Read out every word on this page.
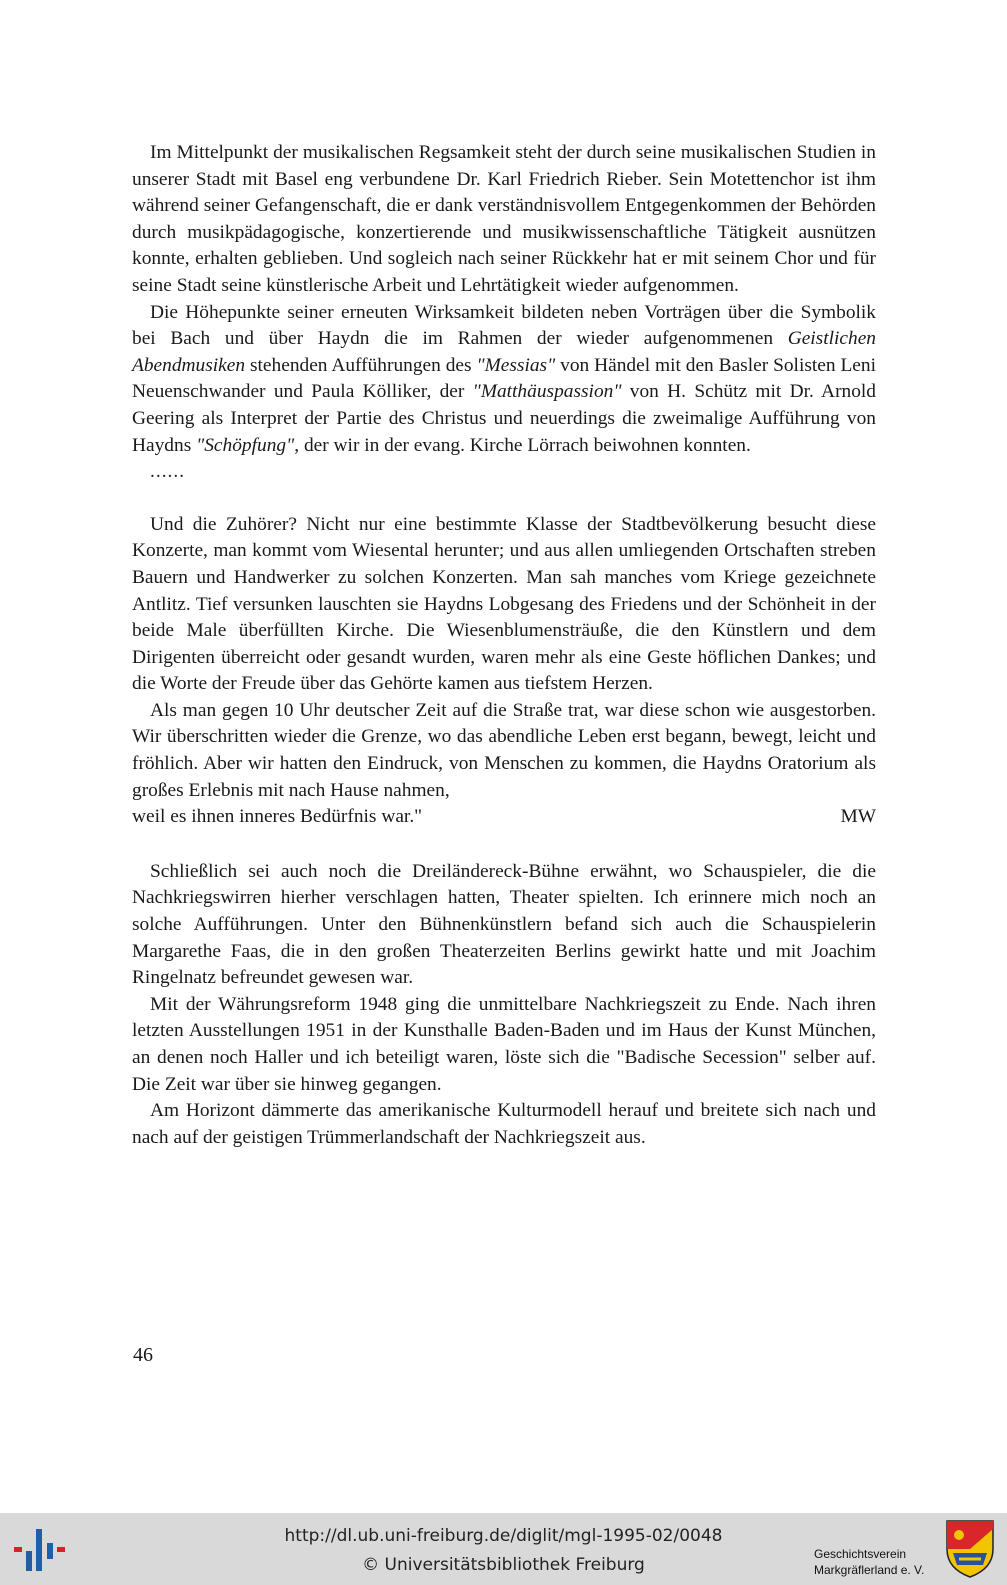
Im Mittelpunkt der musikalischen Regsamkeit steht der durch seine musikalischen Studien in unserer Stadt mit Basel eng verbundene Dr. Karl Friedrich Rieber. Sein Motettenchor ist ihm während seiner Gefangenschaft, die er dank verständnisvollem Entgegenkommen der Behörden durch musikpädagogische, konzertierende und musikwissenschaftliche Tätigkeit ausnützen konnte, erhalten geblieben. Und sogleich nach seiner Rückkehr hat er mit seinem Chor und für seine Stadt seine künstlerische Arbeit und Lehrtätigkeit wieder aufgenommen.

Die Höhepunkte seiner erneuten Wirksamkeit bildeten neben Vorträgen über die Symbolik bei Bach und über Haydn die im Rahmen der wieder aufgenommenen Geistlichen Abendmusiken stehenden Aufführungen des "Messias" von Händel mit den Basler Solisten Leni Neuenschwander und Paula Kölliker, der "Matthäuspassion" von H. Schütz mit Dr. Arnold Geering als Interpret der Partie des Christus und neuerdings die zweimalige Aufführung von Haydns "Schöpfung", der wir in der evang. Kirche Lörrach beiwohnen konnten.

......

Und die Zuhörer? Nicht nur eine bestimmte Klasse der Stadtbevölkerung besucht diese Konzerte, man kommt vom Wiesental herunter; und aus allen umliegenden Ortschaften streben Bauern und Handwerker zu solchen Konzerten. Man sah manches vom Kriege gezeichnete Antlitz. Tief versunken lauschten sie Haydns Lobgesang des Friedens und der Schönheit in der beide Male überfüllten Kirche. Die Wiesenblumensträuße, die den Künstlern und dem Dirigenten überreicht oder gesandt wurden, waren mehr als eine Geste höflichen Dankes; und die Worte der Freude über das Gehörte kamen aus tiefstem Herzen.

Als man gegen 10 Uhr deutscher Zeit auf die Straße trat, war diese schon wie ausgestorben. Wir überschritten wieder die Grenze, wo das abendliche Leben erst begann, bewegt, leicht und fröhlich. Aber wir hatten den Eindruck, von Menschen zu kommen, die Haydns Oratorium als großes Erlebnis mit nach Hause nahmen,

weil es ihnen inneres Bedürfnis war."	MW

Schließlich sei auch noch die Dreiländereck-Bühne erwähnt, wo Schauspieler, die die Nachkriegswirren hierher verschlagen hatten, Theater spielten. Ich erinnere mich noch an solche Aufführungen. Unter den Bühnenkünstlern befand sich auch die Schauspielerin Margarethe Faas, die in den großen Theaterzeiten Berlins gewirkt hatte und mit Joachim Ringelnatz befreundet gewesen war.

Mit der Währungsreform 1948 ging die unmittelbare Nachkriegszeit zu Ende. Nach ihren letzten Ausstellungen 1951 in der Kunsthalle Baden-Baden und im Haus der Kunst München, an denen noch Haller und ich beteiligt waren, löste sich die "Badische Secession" selber auf. Die Zeit war über sie hinweg gegangen.

Am Horizont dämmerte das amerikanische Kulturmodell herauf und breitete sich nach und nach auf der geistigen Trümmerlandschaft der Nachkriegszeit aus.

46
http://dl.ub.uni-freiburg.de/diglit/mgl-1995-02/0048
© Universitätsbibliothek Freiburg
Geschichtsverein
Markgräflerland e. V.
